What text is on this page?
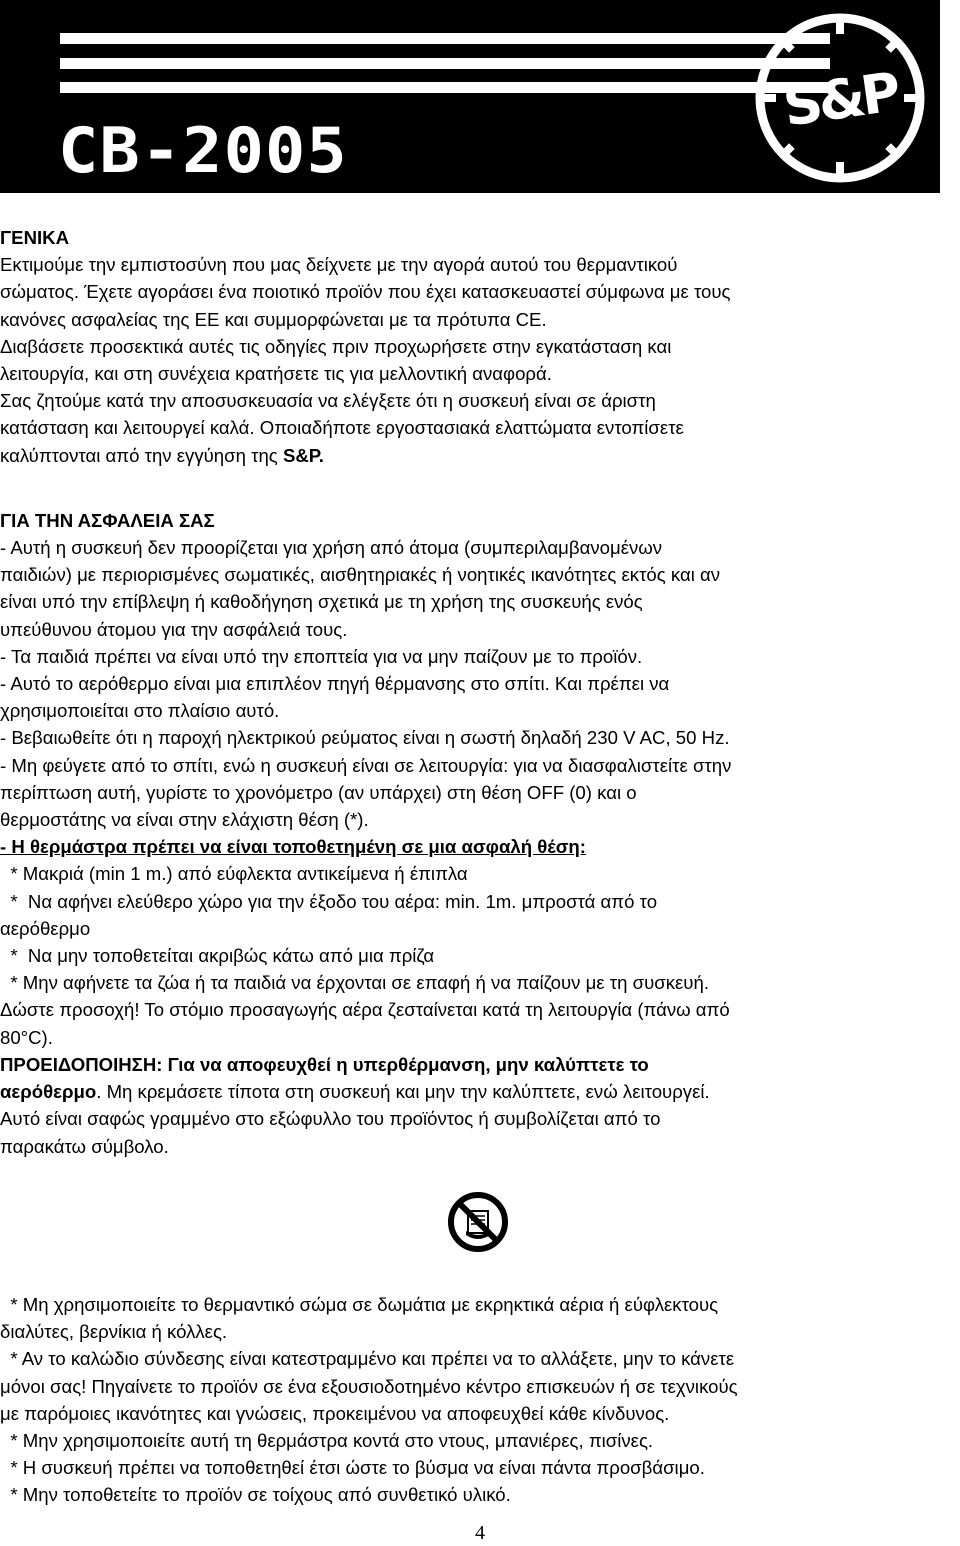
CB-2005
S&P

ΓΕΝΙΚΑ

Εκτιμούμε την εμπιστοσύνη που μας δείχνετε με την αγορά αυτού του θερμαντικού

σώματος. Έχετε αγοράσει ένα ποιοτικό προϊόν που έχει κατασκευαστεί σύμφωνα με τους

κανόνες ασφαλείας της ΕΕ και συμμορφώνεται με τα πρότυπα CE.

Διαβάσετε προσεκτικά αυτές τις οδηγίες πριν προχωρήσετε στην εγκατάσταση και

λειτουργία, και στη συνέχεια κρατήσετε τις για μελλοντική αναφορά.

Σας ζητούμε κατά την αποσυσκευασία να ελέγξετε ότι η συσκευή είναι σε άριστη

κατάσταση και λειτουργεί καλά. Οποιαδήποτε εργοστασιακά ελαττώματα εντοπίσετε

καλύπτονται από την εγγύηση της S&P.

ΓΙΑ ΤΗΝ ΑΣΦΑΛΕΙΑ ΣΑΣ

- Αυτή η συσκευή δεν προορίζεται για χρήση από άτομα (συμπεριλαμβανομένων

παιδιών) με περιορισμένες σωματικές, αισθητηριακές ή νοητικές ικανότητες εκτός και αν

είναι υπό την επίβλεψη ή καθοδήγηση σχετικά με τη χρήση της συσκευής ενός

υπεύθυνου άτομου για την ασφάλειά τους.

- Τα παιδιά πρέπει να είναι υπό την εποπτεία για να μην παίζουν με το προϊόν.

- Αυτό το αερόθερμο είναι μια επιπλέον πηγή θέρμανσης στο σπίτι. Και πρέπει να

χρησιμοποιείται στο πλαίσιο αυτό.

- Βεβαιωθείτε ότι η παροχή ηλεκτρικού ρεύματος είναι η σωστή δηλαδή 230 V AC, 50 Hz.

- Μη φεύγετε από το σπίτι, ενώ η συσκευή είναι σε λειτουργία: για να διασφαλιστείτε στην

περίπτωση αυτή, γυρίστε το χρονόμετρο (αν υπάρχει) στη θέση OFF (0) και ο

θερμοστάτης να είναι στην ελάχιστη θέση (*).

- Η θερμάστρα πρέπει να είναι τοποθετημένη σε μια ασφαλή θέση:

* Μακριά (min 1 m.) από εύφλεκτα αντικείμενα ή έπιπλα

*  Να αφήνει ελεύθερο χώρο για την έξοδο του αέρα: min. 1m. μπροστά από το

αερόθερμο

*  Να μην τοποθετείται ακριβώς κάτω από μια πρίζα

* Μην αφήνετε τα ζώα ή τα παιδιά να έρχονται σε επαφή ή να παίζουν με τη συσκευή.

Δώστε προσοχή! Το στόμιο προσαγωγής αέρα ζεσταίνεται κατά τη λειτουργία (πάνω από

80°C).

ΠΡΟΕΙΔΟΠΟΙΗΣΗ: Για να αποφευχθεί η υπερθέρμανση, μην καλύπτετε το

αερόθερμο. Μη κρεμάσετε τίποτα στη συσκευή και μην την καλύπτετε, ενώ λειτουργεί.

Αυτό είναι σαφώς γραμμένο στο εξώφυλλο του προϊόντος ή συμβολίζεται από το

παρακάτω σύμβολο.

* Μη χρησιμοποιείτε το θερμαντικό σώμα σε δωμάτια με εκρηκτικά αέρια ή εύφλεκτους

διαλύτες, βερνίκια ή κόλλες.

* Αν το καλώδιο σύνδεσης είναι κατεστραμμένο και πρέπει να το αλλάξετε, μην το κάνετε

μόνοι σας! Πηγαίνετε το προϊόν σε ένα εξουσιοδοτημένο κέντρο επισκευών ή σε τεχνικούς

με παρόμοιες ικανότητες και γνώσεις, προκειμένου να αποφευχθεί κάθε κίνδυνος.

* Μην χρησιμοποιείτε αυτή τη θερμάστρα κοντά στο ντους, μπανιέρες, πισίνες.

* Η συσκευή πρέπει να τοποθετηθεί έτσι ώστε το βύσμα να είναι πάντα προσβάσιμο.

* Μην τοποθετείτε το προϊόν σε τοίχους από συνθετικό υλικό.

4
